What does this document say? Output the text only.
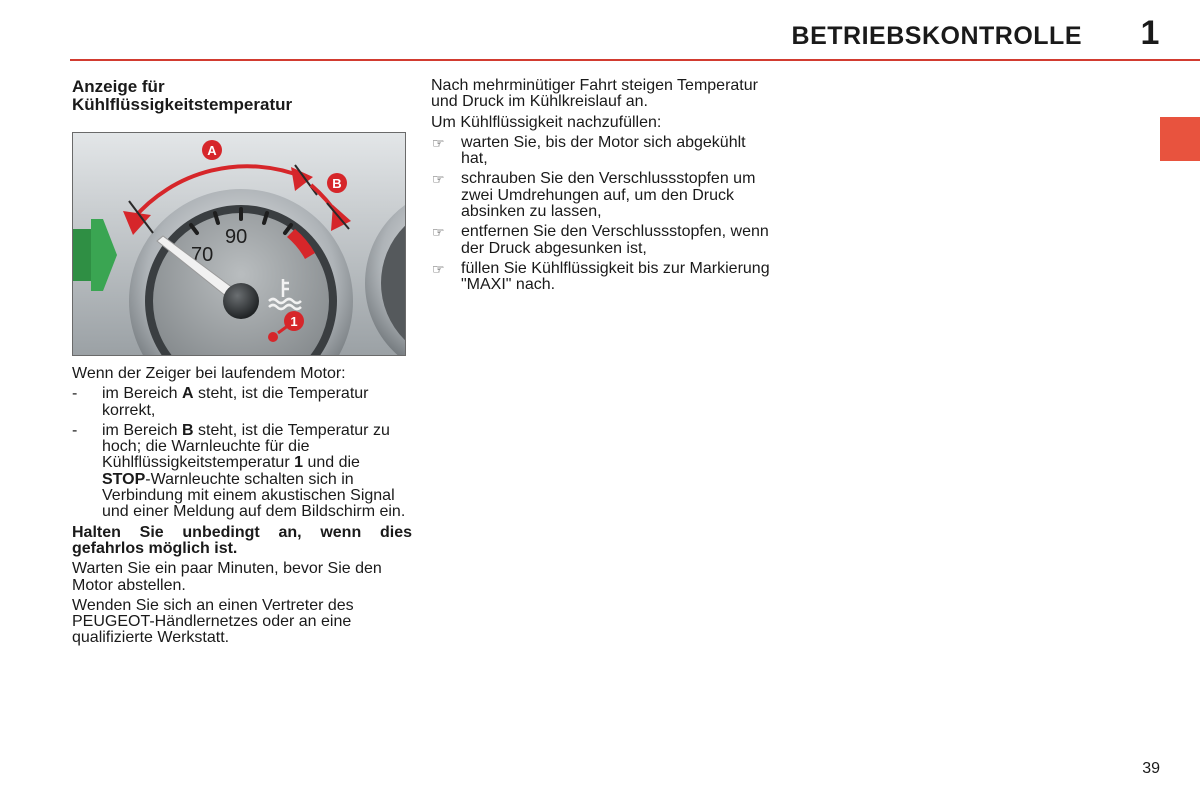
BETRIEBSKONTROLLE	1
Anzeige für
Kühlflüssigkeitstemperatur
70
90
A
B
1

Wenn der Zeiger bei laufendem Motor:

- im Bereich A steht, ist die Temperatur korrekt,
- im Bereich B steht, ist die Temperatur zu hoch; die Warnleuchte für die Kühlflüssigkeitstemperatur 1 und die STOP-Warnleuchte schalten sich in Verbindung mit einem akustischen Signal und einer Meldung auf dem Bildschirm ein.

Halten Sie unbedingt an, wenn dies gefahrlos möglich ist.

Warten Sie ein paar Minuten, bevor Sie den Motor abstellen.

Wenden Sie sich an einen Vertreter des PEUGEOT-Händlernetzes oder an eine qualifizierte Werkstatt.

Nach mehrminütiger Fahrt steigen Temperatur und Druck im Kühlkreislauf an.

Um Kühlflüssigkeit nachzufüllen:

☞ warten Sie, bis der Motor sich abgekühlt hat,
☞ schrauben Sie den Verschlussstopfen um zwei Umdrehungen auf, um den Druck absinken zu lassen,
☞ entfernen Sie den Verschlussstopfen, wenn der Druck abgesunken ist,
☞ füllen Sie Kühlflüssigkeit bis zur Markierung "MAXI" nach.
39
